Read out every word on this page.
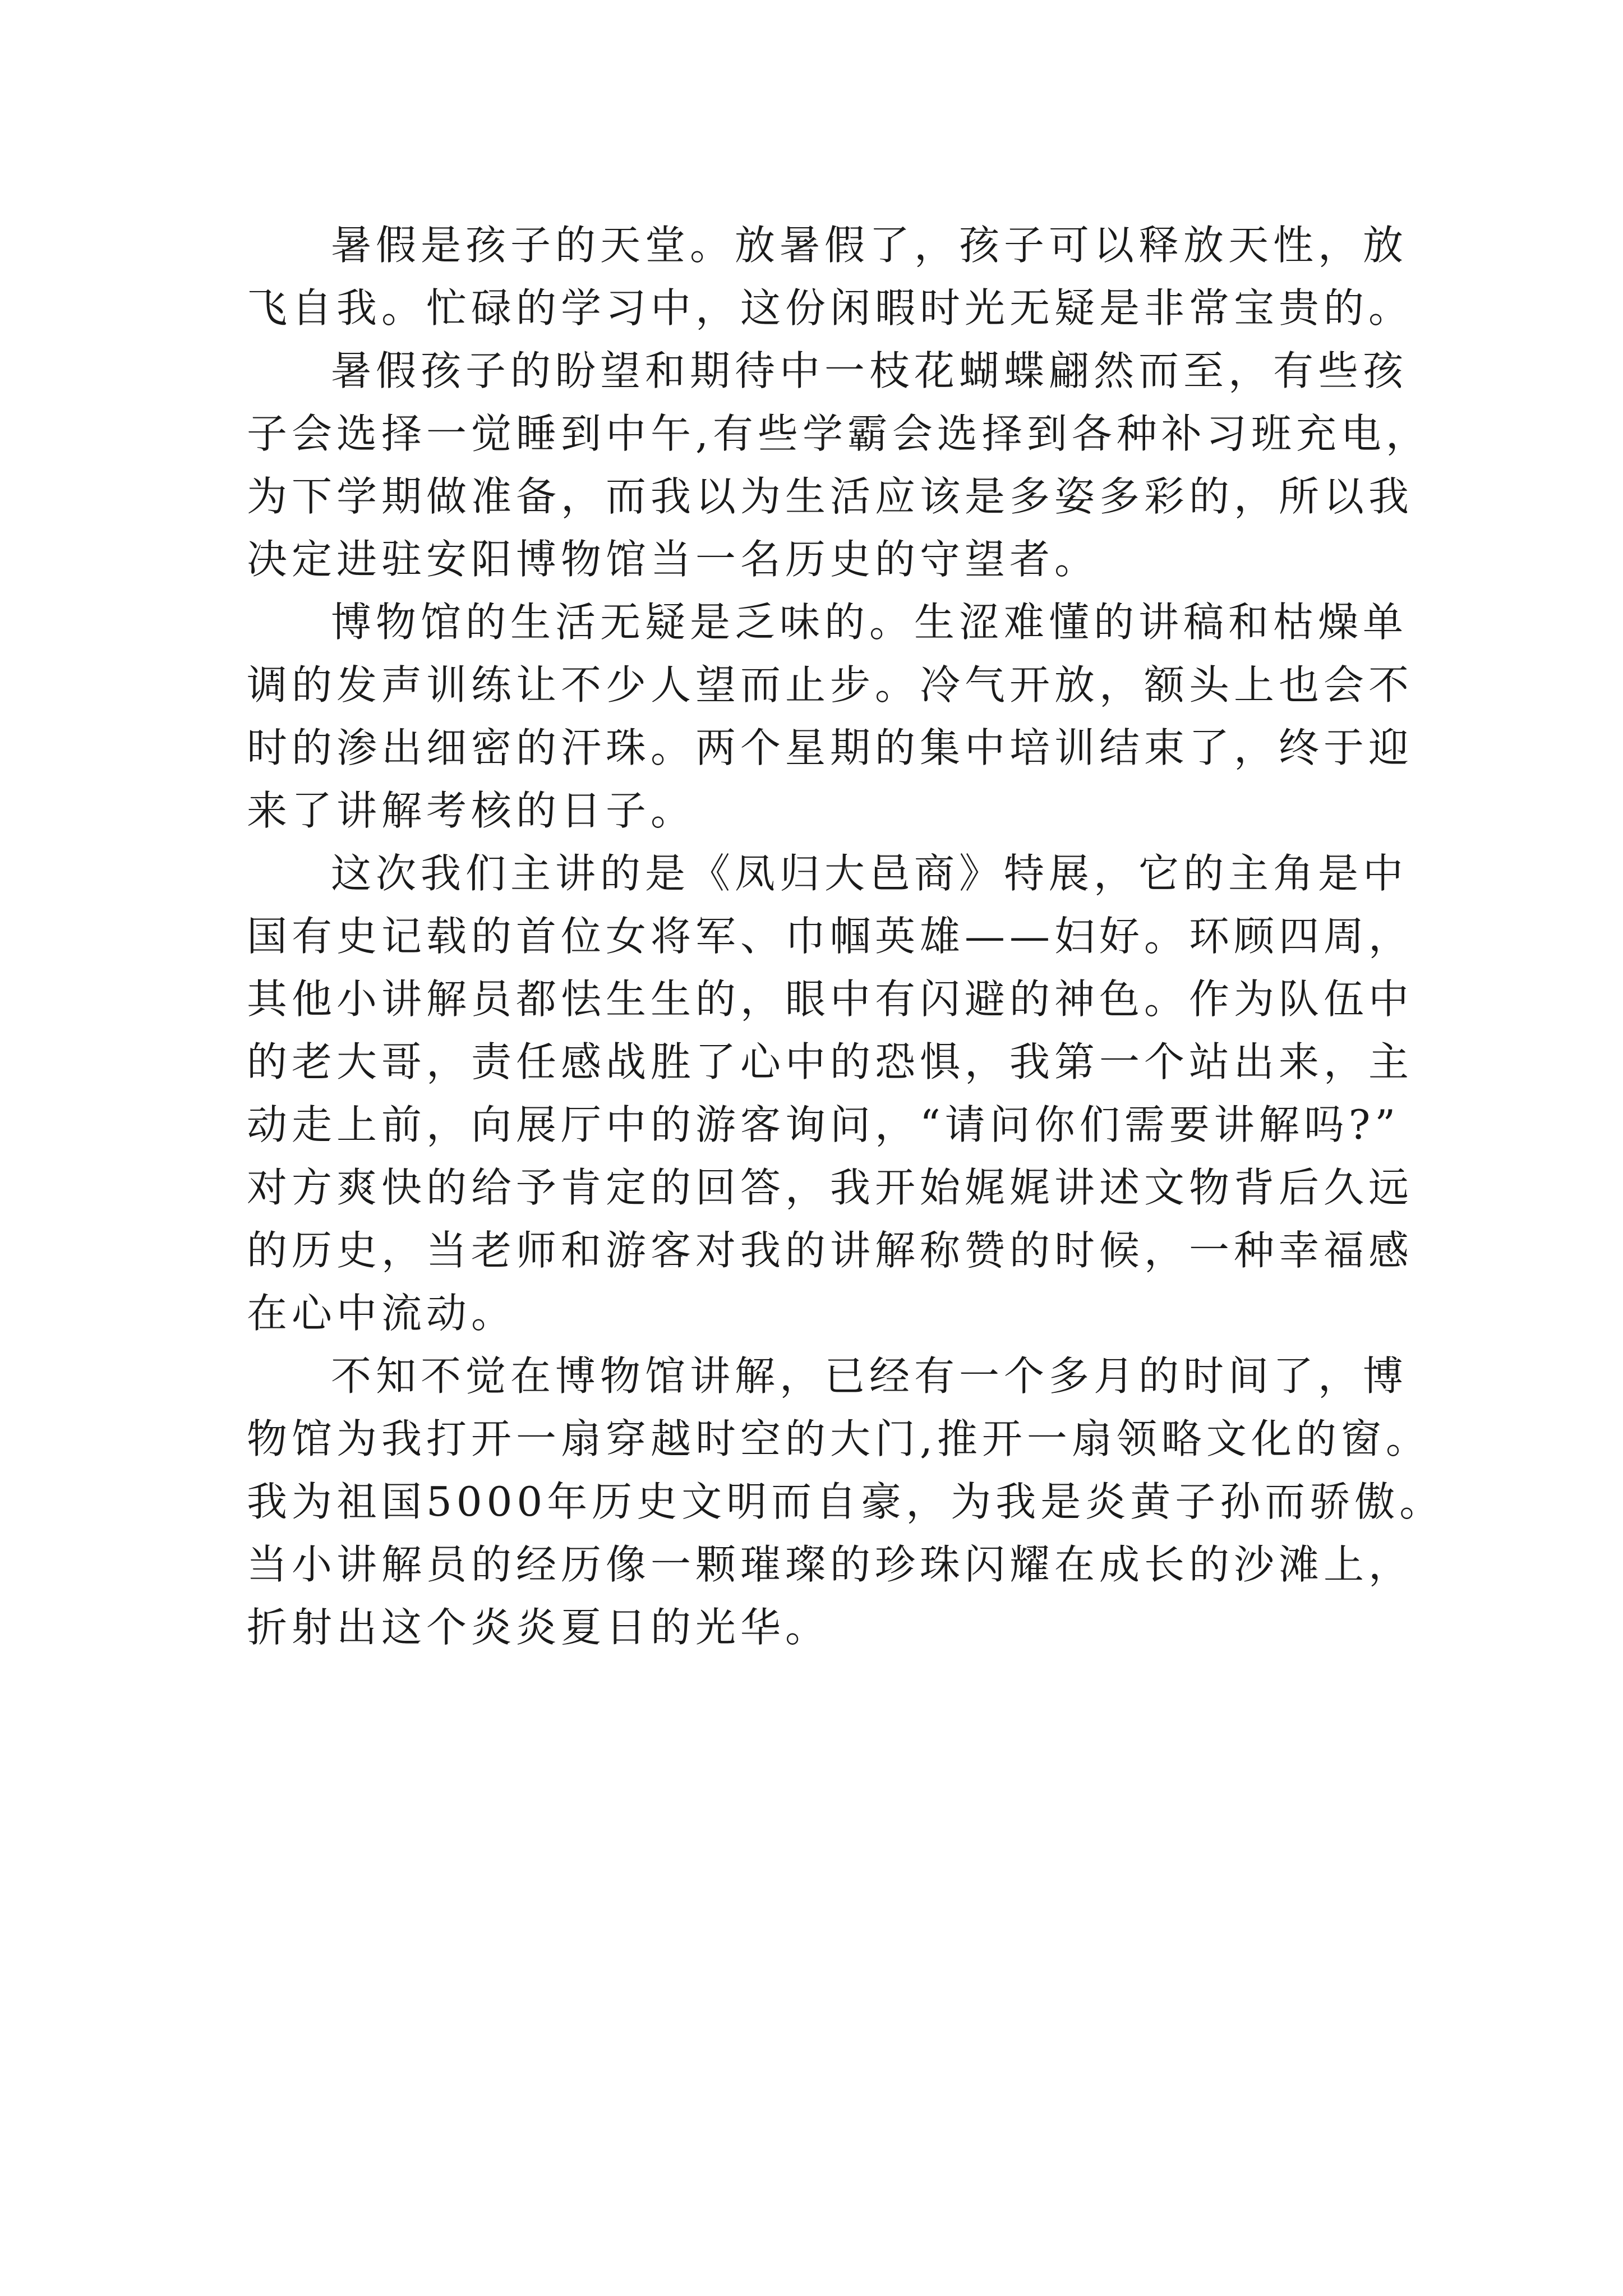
暑假是孩子的天堂。放暑假了，孩子可以释放天性，放
飞自我。忙碌的学习中，这份闲暇时光无疑是非常宝贵的。
暑假孩子的盼望和期待中一枝花蝴蝶翩然而至，有些孩
子会选择一觉睡到中午,有些学霸会选择到各种补习班充电，
为下学期做准备，而我以为生活应该是多姿多彩的，所以我
决定进驻安阳博物馆当一名历史的守望者。
博物馆的生活无疑是乏味的。生涩难懂的讲稿和枯燥单
调的发声训练让不少人望而止步。冷气开放，额头上也会不
时的渗出细密的汗珠。两个星期的集中培训结束了，终于迎
来了讲解考核的日子。
这次我们主讲的是《凤归大邑商》特展，它的主角是中
国有史记载的首位女将军、巾帼英雄——妇好。环顾四周，
其他小讲解员都怯生生的，眼中有闪避的神色。作为队伍中
的老大哥，责任感战胜了心中的恐惧，我第一个站出来，主
动走上前，向展厅中的游客询问，“请问你们需要讲解吗?”
对方爽快的给予肯定的回答，我开始娓娓讲述文物背后久远
的历史，当老师和游客对我的讲解称赞的时候，一种幸福感
在心中流动。
不知不觉在博物馆讲解，已经有一个多月的时间了，博
物馆为我打开一扇穿越时空的大门,推开一扇领略文化的窗。
我为祖国5000年历史文明而自豪，为我是炎黄子孙而骄傲。
当小讲解员的经历像一颗璀璨的珍珠闪耀在成长的沙滩上，
折射出这个炎炎夏日的光华。
